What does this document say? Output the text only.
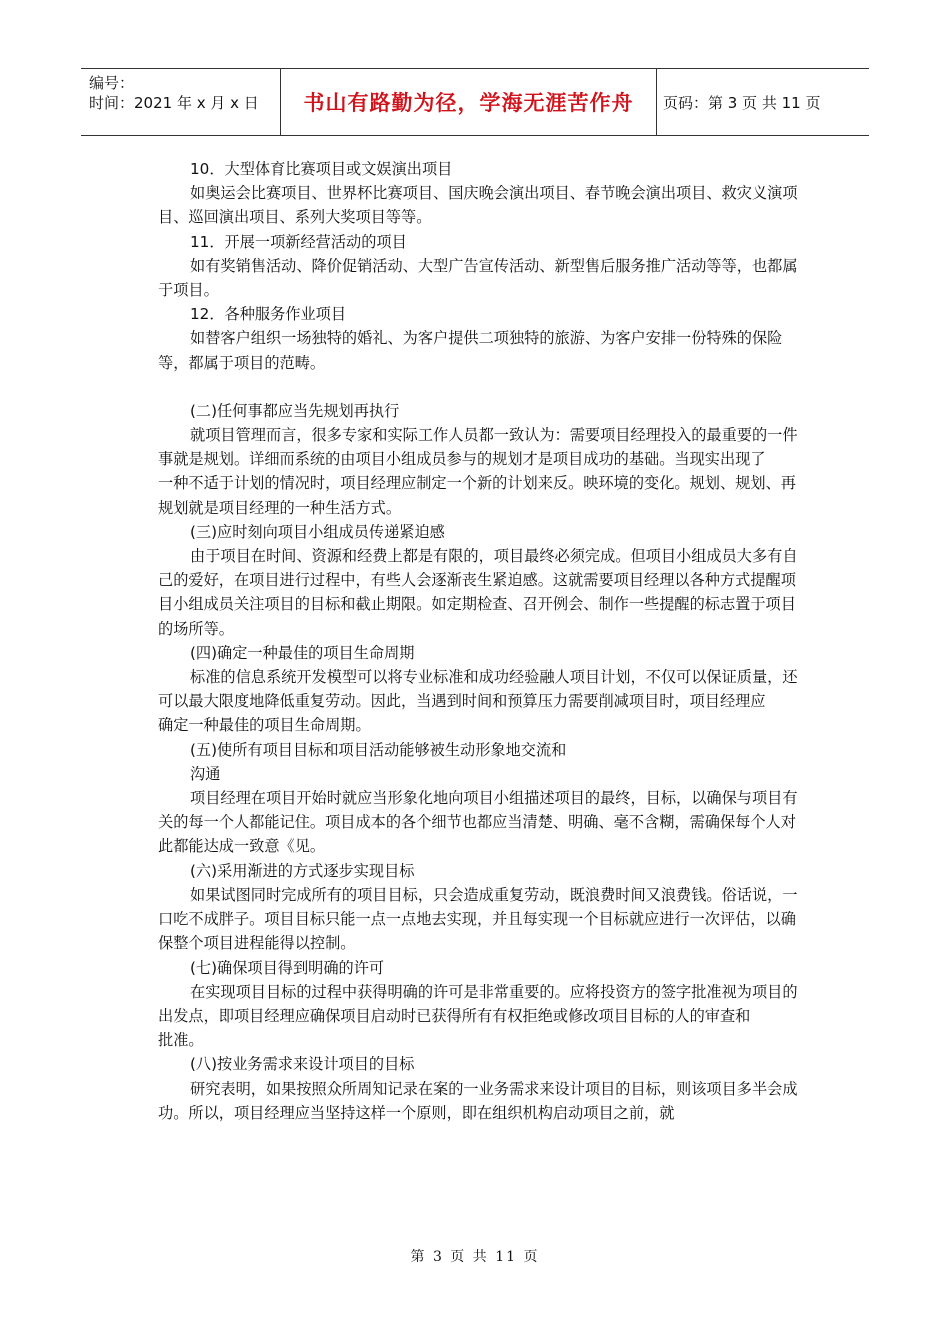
编号：
时间：2021 年 x 月 x 日	书山有路勤为径，学海无涯苦作舟 页码：第 3 页 共 11 页

10．大型体育比赛项目或文娱演出项目

如奥运会比赛项目、世界杯比赛项目、国庆晚会演出项目、春节晚会演出项目、救灾义演项目、巡回演出项目、系列大奖项目等等。

11．开展一项新经营活动的项目

如有奖销售活动、降价促销活动、大型广告宣传活动、新型售后服务推广活动等等，也都属于项目。

12．各种服务作业项目

如替客户组织一场独特的婚礼、为客户提供二项独特的旅游、为客户安排一份特殊的保险等，都属于项目的范畴。

(二)任何事都应当先规划再执行

就项目管理而言，很多专家和实际工作人员都一致认为：需要项目经理投入的最重要的一件事就是规划。详细而系统的由项目小组成员参与的规划才是项目成功的基础。当现实出现了

一种不适于计划的情况时，项目经理应制定一个新的计划来反。映环境的变化。规划、规划、再规划就是项目经理的一种生活方式。

(三)应时刻向项目小组成员传递紧迫感

由于项目在时间、资源和经费上都是有限的，项目最终必须完成。但项目小组成员大多有自己的爱好，在项目进行过程中，有些人会逐渐丧生紧迫感。这就需要项目经理以各种方式提醒项目小组成员关注项目的目标和截止期限。如定期检查、召开例会、制作一些提醒的标志置于项目的场所等。

(四)确定一种最佳的项目生命周期

标准的信息系统开发模型可以将专业标准和成功经验融人项目计划，不仅可以保证质量，还可以最大限度地降低重复劳动。因此，当遇到时间和预算压力需要削减项目时，项目经理应

确定一种最佳的项目生命周期。

(五)使所有项目目标和项目活动能够被生动形象地交流和

沟通

项目经理在项目开始时就应当形象化地向项目小组描述项目的最终，目标，以确保与项目有关的每一个人都能记住。项目成本的各个细节也都应当清楚、明确、毫不含糊，需确保每个人对此都能达成一致意《见。

(六)采用渐进的方式逐步实现目标

如果试图同时完成所有的项目目标，只会造成重复劳动，既浪费时间又浪费钱。俗话说，一口吃不成胖子。项目目标只能一点一点地去实现，并且每实现一个目标就应进行一次评估，以确保整个项目进程能得以控制。

(七)确保项目得到明确的许可

在实现项目目标的过程中获得明确的许可是非常重要的。应将投资方的签字批准视为项目的出发点，即项目经理应确保项目启动时已获得所有有权拒绝或修改项目目标的人的审查和

批准。

(八)按业务需求来设计项目的目标

研究表明，如果按照众所周知记录在案的一业务需求来设计项目的目标，则该项目多半会成功。所以，项目经理应当坚持这样一个原则，即在组织机构启动项目之前，就

第 3 页 共 11 页
